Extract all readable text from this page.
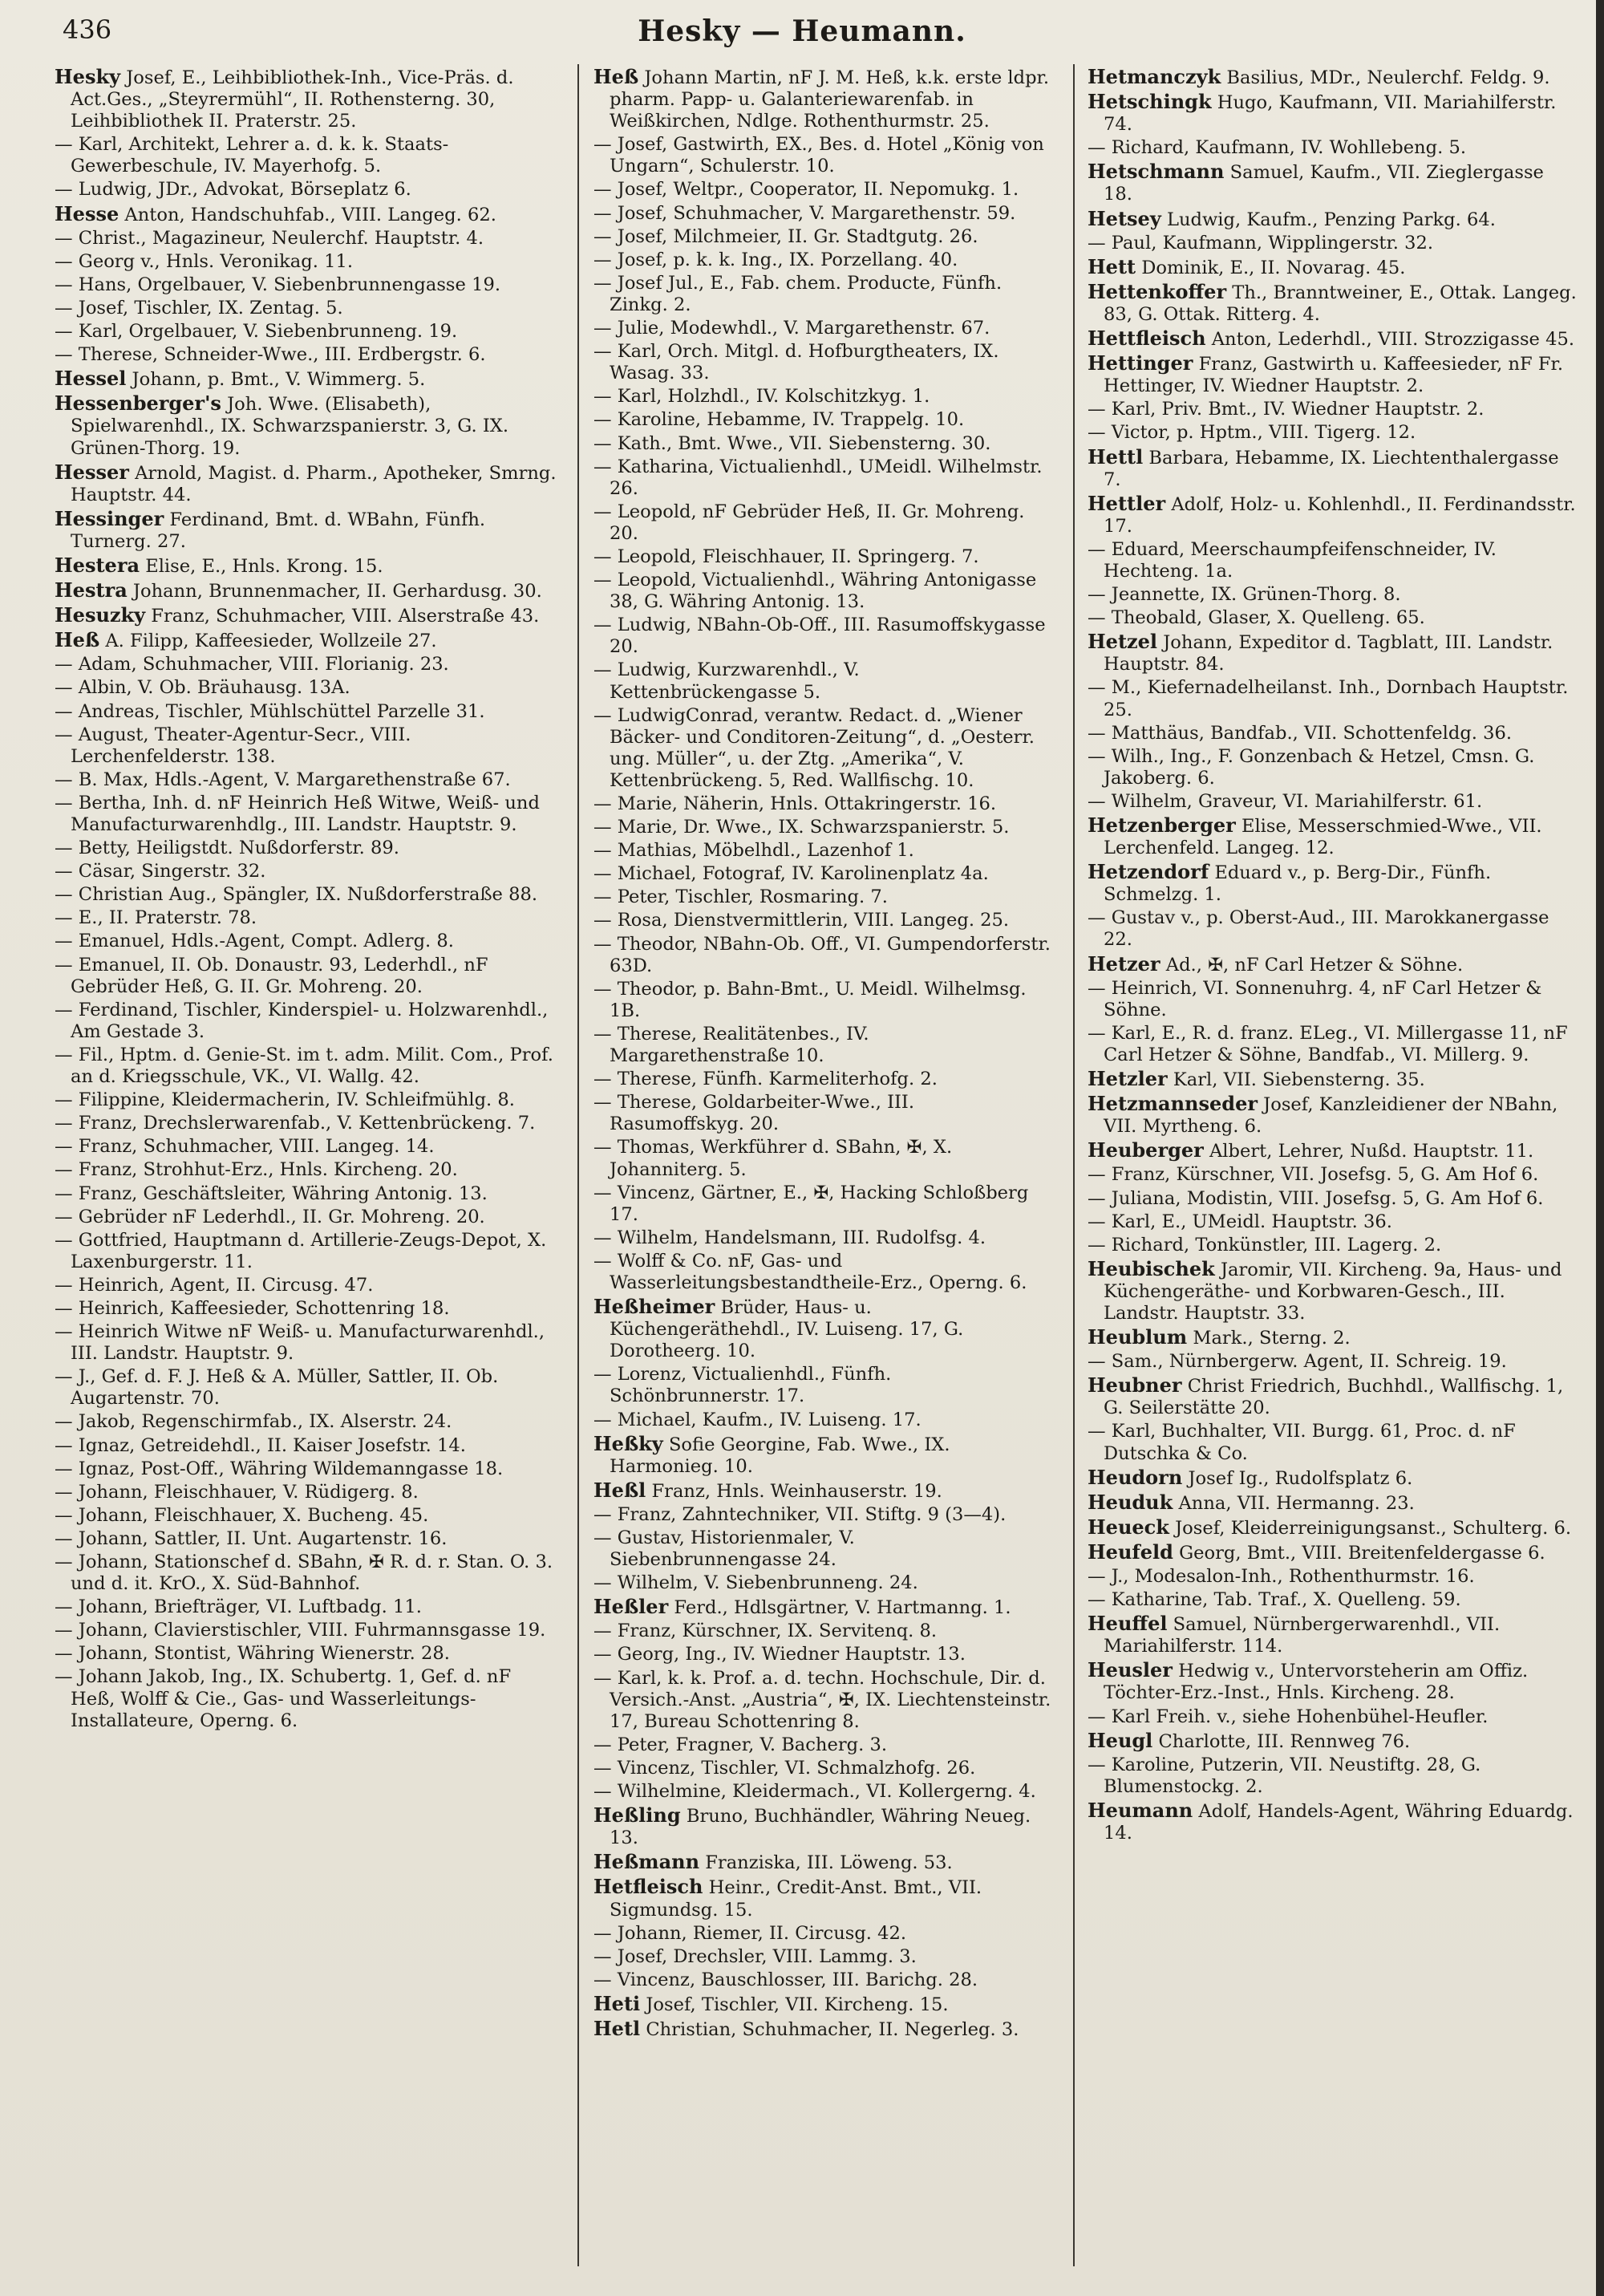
Hesky — Heumann.
436
Hesky Josef, E., Leihbibliothek-Inh., Vice-Präs. d. Act.Ges., „Steyrermühl“, II. Rothensterng. 30, Leihbibliothek II. Praterstr. 25.
— Karl, Architekt, Lehrer a. d. k. k. Staats-Gewerbeschule, IV. Mayerhofg. 5.
— Ludwig, JDr., Advokat, Börseplatz 6.
Hesse Anton, Handschuhfab., VIII. Langeg. 62.
— Christ., Magazineur, Neulerchf. Hauptstr. 4.
— Georg v., Hnls. Veronikag. 11.
— Hans, Orgelbauer, V. Siebenbrunnengasse 19.
— Josef, Tischler, IX. Zentag. 5.
— Karl, Orgelbauer, V. Siebenbrunneng. 19.
— Therese, Schneider-Wwe., III. Erdbergstr. 6.
Hessel Johann, p. Bmt., V. Wimmerg. 5.
Hessenberger's Joh. Wwe. (Elisabeth), Spielwarenhdl., IX. Schwarzspanierstr. 3, G. IX. Grünen-Thorg. 19.
Hesser Arnold, Magist. d. Pharm., Apotheker, Smrng. Hauptstr. 44.
Hessinger Ferdinand, Bmt. d. WBahn, Fünfh. Turnerg. 27.
Hestera Elise, E., Hnls. Krong. 15.
Hestra Johann, Brunnenmacher, II. Gerhardusg. 30.
Hesuzky Franz, Schuhmacher, VIII. Alserstraße 43.
Heß A. Filipp, Kaffeesieder, Wollzeile 27.
— Adam, Schuhmacher, VIII. Florianig. 23.
— Albin, V. Ob. Bräuhausg. 13A.
— Andreas, Tischler, Mühlschüttel Parzelle 31.
— August, Theater-Agentur-Secr., VIII. Lerchenfelderstr. 138.
— B. Max, Hdls.-Agent, V. Margarethenstraße 67.
— Bertha, Inh. d. nF Heinrich Heß Witwe, Weiß- und Manufacturwarenhdlg., III. Landstr. Hauptstr. 9.
— Betty, Heiligstdt. Nußdorferstr. 89.
— Cäsar, Singerstr. 32.
— Christian Aug., Spängler, IX. Nußdorferstraße 88.
— E., II. Praterstr. 78.
— Emanuel, Hdls.-Agent, Compt. Adlerg. 8.
— Emanuel, II. Ob. Donaustr. 93, Lederhdl., nF Gebrüder Heß, G. II. Gr. Mohreng. 20.
— Ferdinand, Tischler, Kinderspiel- u. Holzwarenhdl., Am Gestade 3.
— Fil., Hptm. d. Genie-St. im t. adm. Milit. Com., Prof. an d. Kriegsschule, VK., VI. Wallg. 42.
— Filippine, Kleidermacherin, IV. Schleifmühlg. 8.
— Franz, Drechslerwarenfab., V. Kettenbrückeng. 7.
— Franz, Schuhmacher, VIII. Langeg. 14.
— Franz, Strohhut-Erz., Hnls. Kircheng. 20.
— Franz, Geschäftsleiter, Währing Antonig. 13.
— Gebrüder nF Lederhdl., II. Gr. Mohreng. 20.
— Gottfried, Hauptmann d. Artillerie-Zeugs-Depot, X. Laxenburgerstr. 11.
— Heinrich, Agent, II. Circusg. 47.
— Heinrich, Kaffeesieder, Schottenring 18.
— Heinrich Witwe nF Weiß- u. Manufacturwarenhdl., III. Landstr. Hauptstr. 9.
— J., Gef. d. F. J. Heß & A. Müller, Sattler, II. Ob. Augartenstr. 70.
— Jakob, Regenschirmfab., IX. Alserstr. 24.
— Ignaz, Getreidehdl., II. Kaiser Josefstr. 14.
— Ignaz, Post-Off., Währing Wildemanngasse 18.
— Johann, Fleischhauer, V. Rüdigerg. 8.
— Johann, Fleischhauer, X. Bucheng. 45.
— Johann, Sattler, II. Unt. Augartenstr. 16.
— Johann, Stationschef d. SBahn, ✠ R. d. r. Stan. O. 3. und d. it. KrO., X. Süd-Bahnhof.
— Johann, Briefträger, VI. Luftbadg. 11.
— Johann, Clavierstischler, VIII. Fuhrmannsgasse 19.
— Johann, Stontist, Währing Wienerstr. 28.
— Johann Jakob, Ing., IX. Schubertg. 1, Gef. d. nF Heß, Wolff & Cie., Gas- und Wasserleitungs-Installateure, Operng. 6.
Heß Johann Martin, nF J. M. Heß, k.k. erste ldpr. pharm. Papp- u. Galanteriewarenfab. in Weißkirchen, Ndlge. Rothenthurmstr. 25.
— Josef, Gastwirth, EX., Bes. d. Hotel „König von Ungarn“, Schulerstr. 10.
— Josef, Weltpr., Cooperator, II. Nepomukg. 1.
— Josef, Schuhmacher, V. Margarethenstr. 59.
— Josef, Milchmeier, II. Gr. Stadtgutg. 26.
— Josef, p. k. k. Ing., IX. Porzellang. 40.
— Josef Jul., E., Fab. chem. Producte, Fünfh. Zinkg. 2.
— Julie, Modewhdl., V. Margarethenstr. 67.
— Karl, Orch. Mitgl. d. Hofburgtheaters, IX. Wasag. 33.
— Karl, Holzhdl., IV. Kolschitzkyg. 1.
— Karoline, Hebamme, IV. Trappelg. 10.
— Kath., Bmt. Wwe., VII. Siebensterng. 30.
— Katharina, Victualienhdl., UMeidl. Wilhelmstr. 26.
— Leopold, nF Gebrüder Heß, II. Gr. Mohreng. 20.
— Leopold, Fleischhauer, II. Springerg. 7.
— Leopold, Victualienhdl., Währing Antonigasse 38, G. Währing Antonig. 13.
— Ludwig, NBahn-Ob-Off., III. Rasumoffskygasse 20.
— Ludwig, Kurzwarenhdl., V. Kettenbrückengasse 5.
— LudwigConrad, verantw. Redact. d. „Wiener Bäcker- und Conditoren-Zeitung“, d. „Oesterr. ung. Müller“, u. der Ztg. „Amerika“, V. Kettenbrückeng. 5, Red. Wallfischg. 10.
— Marie, Näherin, Hnls. Ottakringerstr. 16.
— Marie, Dr. Wwe., IX. Schwarzspanierstr. 5.
— Mathias, Möbelhdl., Lazenhof 1.
— Michael, Fotograf, IV. Karolinenplatz 4a.
— Peter, Tischler, Rosmaring. 7.
— Rosa, Dienstvermittlerin, VIII. Langeg. 25.
— Theodor, NBahn-Ob. Off., VI. Gumpendorferstr. 63D.
— Theodor, p. Bahn-Bmt., U. Meidl. Wilhelmsg. 1B.
— Therese, Realitätenbes., IV. Margarethenstraße 10.
— Therese, Fünfh. Karmeliterhofg. 2.
— Therese, Goldarbeiter-Wwe., III. Rasumoffskyg. 20.
— Thomas, Werkführer d. SBahn, ✠, X. Johanniterg. 5.
— Vincenz, Gärtner, E., ✠, Hacking Schloßberg 17.
— Wilhelm, Handelsmann, III. Rudolfsg. 4.
— Wolff & Co. nF, Gas- und Wasserleitungsbestandtheile-Erz., Operng. 6.
Heßheimer Brüder, Haus- u. Küchengeräthehdl., IV. Luiseng. 17, G. Dorotheerg. 10.
— Lorenz, Victualienhdl., Fünfh. Schönbrunnerstr. 17.
— Michael, Kaufm., IV. Luiseng. 17.
Heßky Sofie Georgine, Fab. Wwe., IX. Harmonieg. 10.
Heßl Franz, Hnls. Weinhauserstr. 19.
— Franz, Zahntechniker, VII. Stiftg. 9 (3—4).
— Gustav, Historienmaler, V. Siebenbrunnengasse 24.
— Wilhelm, V. Siebenbrunneng. 24.
Heßler Ferd., Hdlsgärtner, V. Hartmanng. 1.
— Franz, Kürschner, IX. Servitenq. 8.
— Georg, Ing., IV. Wiedner Hauptstr. 13.
— Karl, k. k. Prof. a. d. techn. Hochschule, Dir. d. Versich.-Anst. „Austria“, ✠, IX. Liechtensteinstr. 17, Bureau Schottenring 8.
— Peter, Fragner, V. Bacherg. 3.
— Vincenz, Tischler, VI. Schmalzhofg. 26.
— Wilhelmine, Kleidermach., VI. Kollergerng. 4.
Heßling Bruno, Buchhändler, Währing Neueg. 13.
Heßmann Franziska, III. Löweng. 53.
Hetfleisch Heinr., Credit-Anst. Bmt., VII. Sigmundsg. 15.
— Johann, Riemer, II. Circusg. 42.
— Josef, Drechsler, VIII. Lammg. 3.
— Vincenz, Bauschlosser, III. Barichg. 28.
Heti Josef, Tischler, VII. Kircheng. 15.
Hetl Christian, Schuhmacher, II. Negerleg. 3.
Hetmanczyk Basilius, MDr., Neulerchf. Feldg. 9.
Hetschingk Hugo, Kaufmann, VII. Mariahilferstr. 74.
— Richard, Kaufmann, IV. Wohllebeng. 5.
Hetschmann Samuel, Kaufm., VII. Zieglergasse 18.
Hetsey Ludwig, Kaufm., Penzing Parkg. 64.
— Paul, Kaufmann, Wipplingerstr. 32.
Hett Dominik, E., II. Novarag. 45.
Hettenkoffer Th., Branntweiner, E., Ottak. Langeg. 83, G. Ottak. Ritterg. 4.
Hettfleisch Anton, Lederhdl., VIII. Strozzigasse 45.
Hettinger Franz, Gastwirth u. Kaffeesieder, nF Fr. Hettinger, IV. Wiedner Hauptstr. 2.
— Karl, Priv. Bmt., IV. Wiedner Hauptstr. 2.
— Victor, p. Hptm., VIII. Tigerg. 12.
Hettl Barbara, Hebamme, IX. Liechtenthalergasse 7.
Hettler Adolf, Holz- u. Kohlenhdl., II. Ferdinandsstr. 17.
— Eduard, Meerschaumpfeifenschneider, IV. Hechteng. 1a.
— Jeannette, IX. Grünen-Thorg. 8.
— Theobald, Glaser, X. Quelleng. 65.
Hetzel Johann, Expeditor d. Tagblatt, III. Landstr. Hauptstr. 84.
— M., Kiefernadelheilanst. Inh., Dornbach Hauptstr. 25.
— Matthäus, Bandfab., VII. Schottenfeldg. 36.
— Wilh., Ing., F. Gonzenbach & Hetzel, Cmsn. G. Jakoberg. 6.
— Wilhelm, Graveur, VI. Mariahilferstr. 61.
Hetzenberger Elise, Messerschmied-Wwe., VII. Lerchenfeld. Langeg. 12.
Hetzendorf Eduard v., p. Berg-Dir., Fünfh. Schmelzg. 1.
— Gustav v., p. Oberst-Aud., III. Marokkanergasse 22.
Hetzer Ad., ✠, nF Carl Hetzer & Söhne.
— Heinrich, VI. Sonnenuhrg. 4, nF Carl Hetzer & Söhne.
— Karl, E., R. d. franz. ELeg., VI. Millergasse 11, nF Carl Hetzer & Söhne, Bandfab., VI. Millerg. 9.
Hetzler Karl, VII. Siebensterng. 35.
Hetzmannseder Josef, Kanzleidiener der NBahn, VII. Myrtheng. 6.
Heuberger Albert, Lehrer, Nußd. Hauptstr. 11.
— Franz, Kürschner, VII. Josefsg. 5, G. Am Hof 6.
— Juliana, Modistin, VIII. Josefsg. 5, G. Am Hof 6.
— Karl, E., UMeidl. Hauptstr. 36.
— Richard, Tonkünstler, III. Lagerg. 2.
Heubischek Jaromir, VII. Kircheng. 9a, Haus- und Küchengeräthe- und Korbwaren-Gesch., III. Landstr. Hauptstr. 33.
Heublum Mark., Sterng. 2.
— Sam., Nürnbergerw. Agent, II. Schreig. 19.
Heubner Christ Friedrich, Buchhdl., Wallfischg. 1, G. Seilerstätte 20.
— Karl, Buchhalter, VII. Burgg. 61, Proc. d. nF Dutschka & Co.
Heudorn Josef Ig., Rudolfsplatz 6.
Heuduk Anna, VII. Hermanng. 23.
Heueck Josef, Kleiderreinigungsanst., Schulterg. 6.
Heufeld Georg, Bmt., VIII. Breitenfeldergasse 6.
— J., Modesalon-Inh., Rothenthurmstr. 16.
— Katharine, Tab. Traf., X. Quelleng. 59.
Heuffel Samuel, Nürnbergerwarenhdl., VII. Mariahilferstr. 114.
Heusler Hedwig v., Untervorsteherin am Offiz. Töchter-Erz.-Inst., Hnls. Kircheng. 28.
— Karl Freih. v., siehe Hohenbühel-Heufler.
Heugl Charlotte, III. Rennweg 76.
— Karoline, Putzerin, VII. Neustiftg. 28, G. Blumenstockg. 2.
Heumann Adolf, Handels-Agent, Währing Eduardg. 14.
